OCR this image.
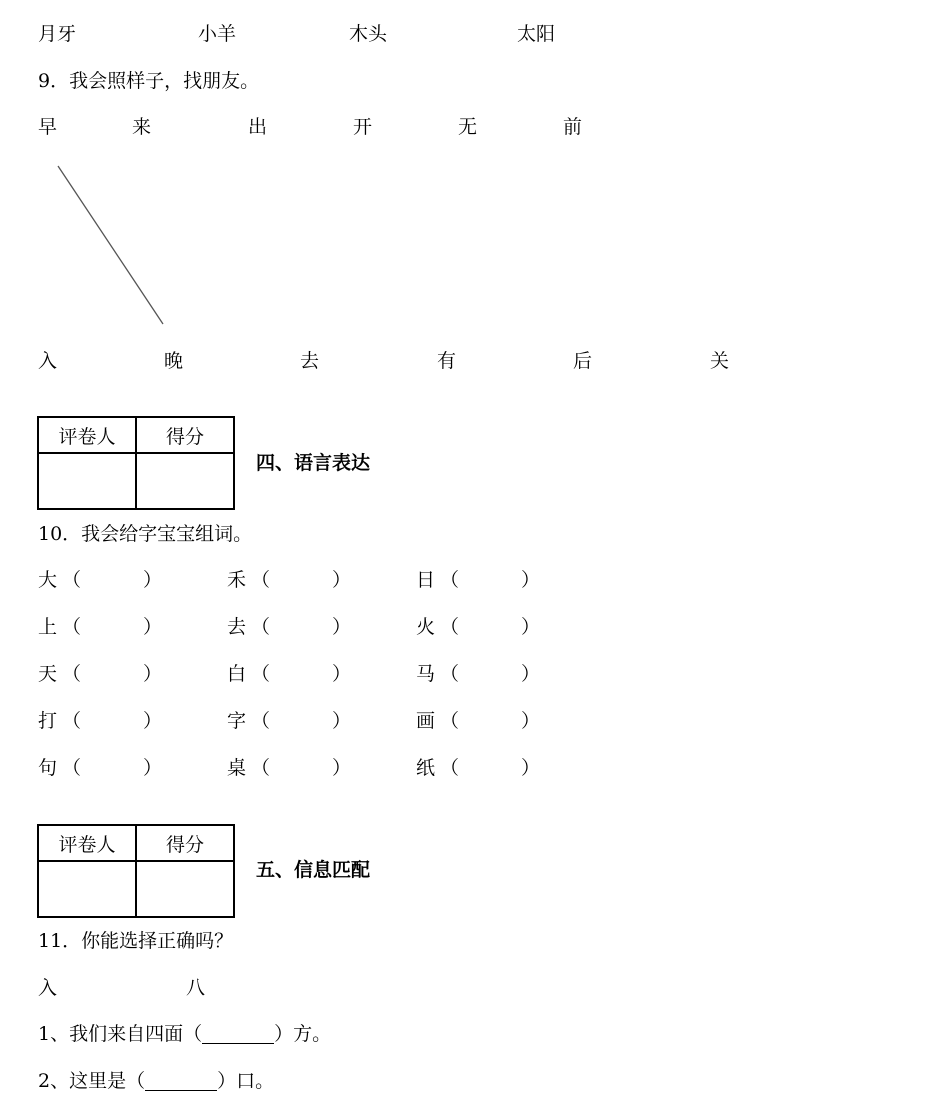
月牙	小羊	木头	太阳
9．我会照样子，找朋友。
早	来	出	开	无	前
入	晚	去	有	后	关
评卷人	得分

四、语言表达
10．我会给字宝宝组词。
大 （	）	禾 （	）	日 （	）
上 （	）	去 （	）	火 （	）
天 （	）	白 （	）	马 （	）
打 （	）	字 （	）	画 （	）
句 （	）	桌 （	）	纸 （	）
评卷人	得分

五、信息匹配
11．你能选择正确吗？
入	八
1、我们来自四面（	）方。
2、这里是（	）口。
